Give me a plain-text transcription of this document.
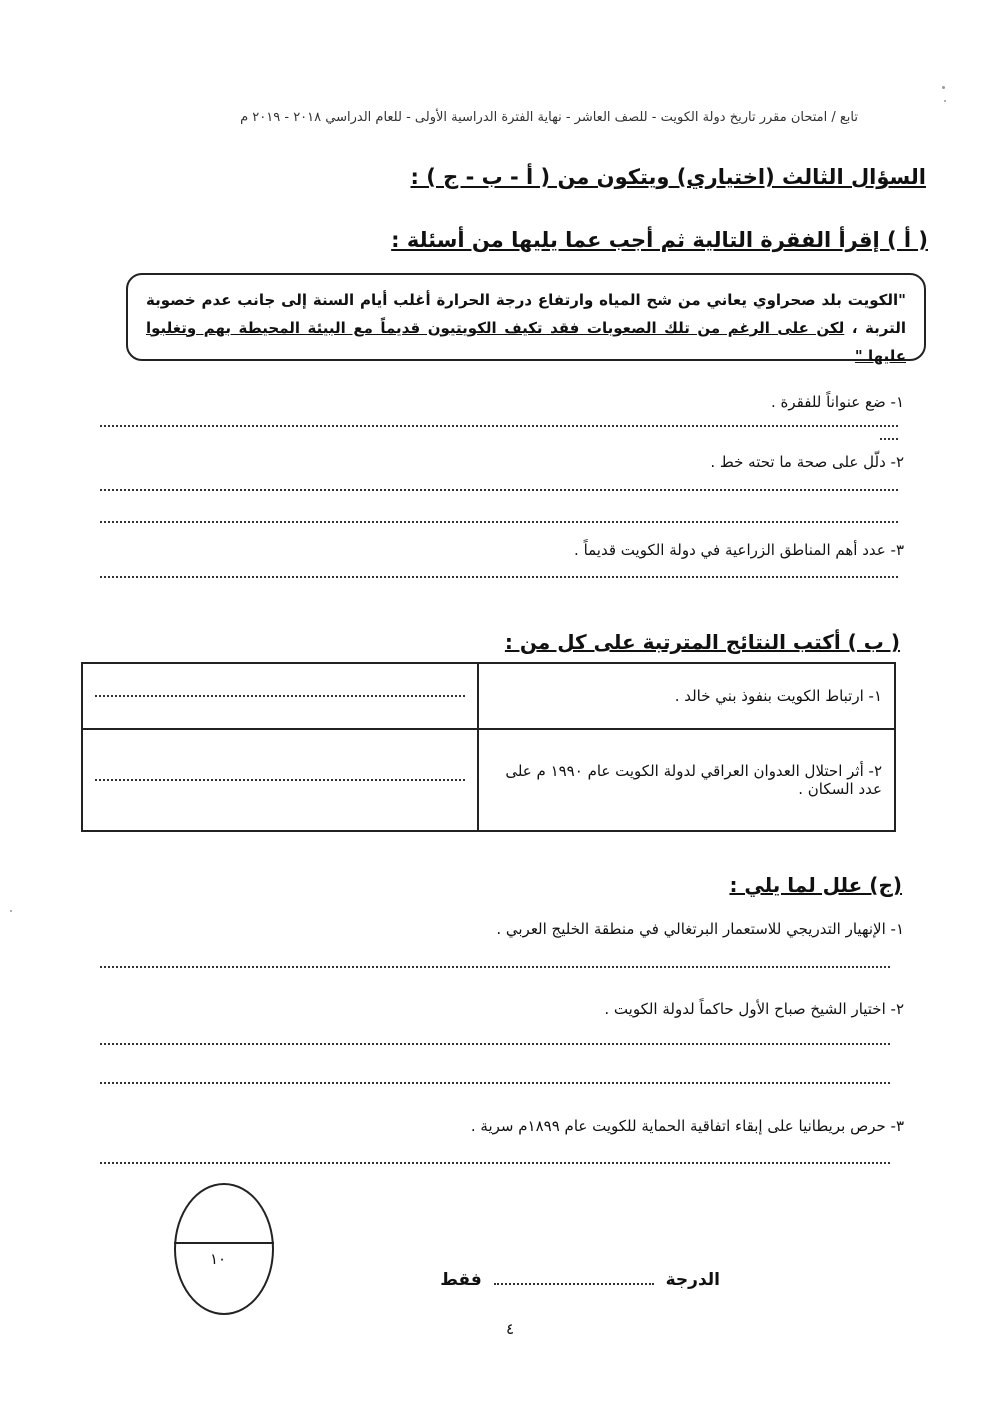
تابع / امتحان مقرر تاريخ دولة الكويت - للصف العاشر - نهاية الفترة الدراسية الأولى - للعام الدراسي ٢٠١٨ - ٢٠١٩ م
السؤال الثالث (اختياري) ويتكون من ( أ - ب - ج ) :
( أ ) إقرأ الفقرة التالية ثم أجب عما يليها من أسئلة :
"الكويت بلد صحراوي يعاني من شح المياه وارتفاع درجة الحرارة أغلب أيام السنة إلى جانب عدم خصوبة التربة ، لكن على الرغم من تلك الصعوبات فقد تكيف الكويتيون قديماً مع البيئة المحيطة بهم وتغلبوا عليها "
١- ضع عنواناً للفقرة .
٢- دلّل على صحة ما تحته خط .
٣- عدد أهم المناطق الزراعية في دولة الكويت قديماً .
( ب ) أكتب النتائج المترتبة على كل من :
١- ارتباط الكويت بنفوذ بني خالد .	

٢- أثر احتلال العدوان العراقي لدولة الكويت عام ١٩٩٠ م على عدد السكان .	
(ج) علل لما يلي :
١- الإنهيار التدريجي للاستعمار البرتغالي في منطقة الخليج العربي .
٢- اختيار الشيخ صباح الأول حاكماً لدولة الكويت .
٣- حرص بريطانيا على إبقاء اتفاقية الحماية للكويت عام ١٨٩٩م سرية .
١٠
الدرجة  فقط
٤
